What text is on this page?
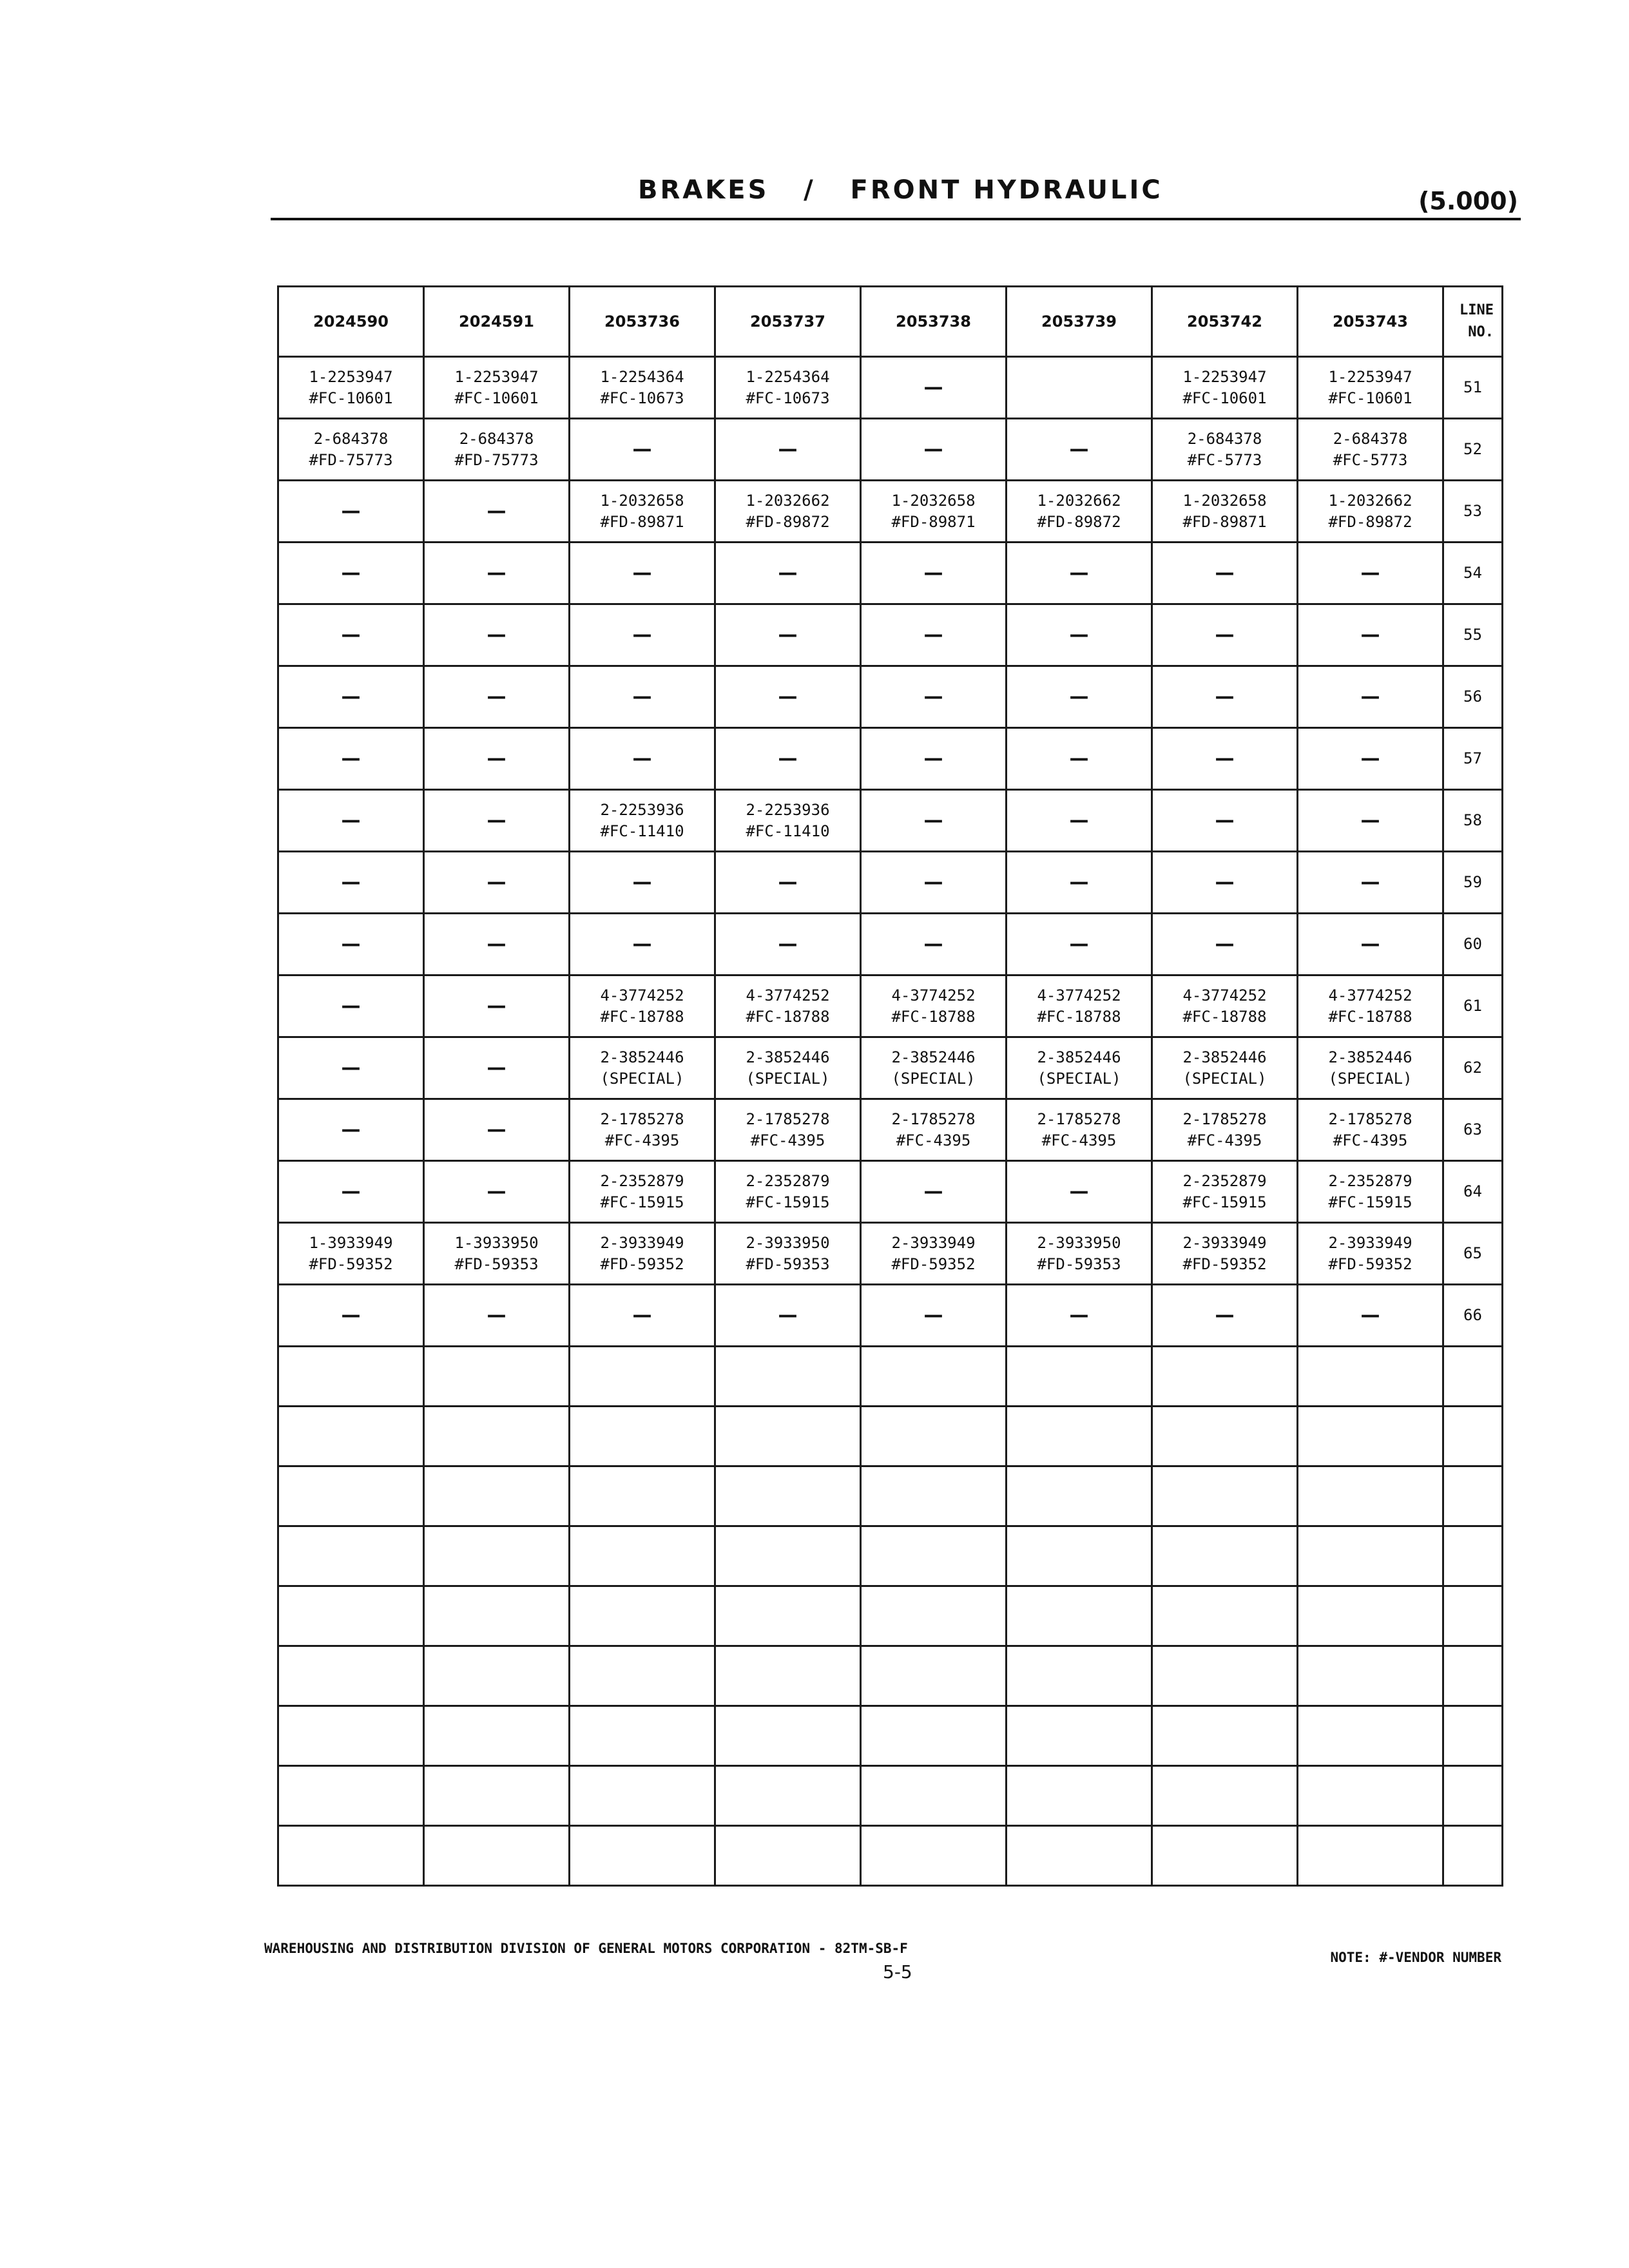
BRAKES   /   FRONT HYDRAULIC	(5.000)
2024590	2024591	2053736	2053737	2053738	2053739	2053742	2053743	LINE
NO.

1-2253947
#FC-10601	1-2253947
#FC-10601	1-2254364
#FC-10673	1-2254364
#FC-10673	—		1-2253947
#FC-10601	1-2253947
#FC-10601	51

2-684378
#FD-75773	2-684378
#FD-75773	—	—	—	—	2-684378
#FC-5773	2-684378
#FC-5773	52

—	—	1-2032658
#FD-89871	1-2032662
#FD-89872	1-2032658
#FD-89871	1-2032662
#FD-89872	1-2032658
#FD-89871	1-2032662
#FD-89872	53

—	—	—	—	—	—	—	—	54

—	—	—	—	—	—	—	—	55

—	—	—	—	—	—	—	—	56

—	—	—	—	—	—	—	—	57

—	—	2-2253936
#FC-11410	2-2253936
#FC-11410	—	—	—	—	58

—	—	—	—	—	—	—	—	59

—	—	—	—	—	—	—	—	60

—	—	4-3774252
#FC-18788	4-3774252
#FC-18788	4-3774252
#FC-18788	4-3774252
#FC-18788	4-3774252
#FC-18788	4-3774252
#FC-18788	61

—	—	2-3852446
(SPECIAL)	2-3852446
(SPECIAL)	2-3852446
(SPECIAL)	2-3852446
(SPECIAL)	2-3852446
(SPECIAL)	2-3852446
(SPECIAL)	62

—	—	2-1785278
#FC-4395	2-1785278
#FC-4395	2-1785278
#FC-4395	2-1785278
#FC-4395	2-1785278
#FC-4395	2-1785278
#FC-4395	63

—	—	2-2352879
#FC-15915	2-2352879
#FC-15915	—	—	2-2352879
#FC-15915	2-2352879
#FC-15915	64

1-3933949
#FD-59352	1-3933950
#FD-59353	2-3933949
#FD-59352	2-3933950
#FD-59353	2-3933949
#FD-59352	2-3933950
#FD-59353	2-3933949
#FD-59352	2-3933949
#FD-59352	65

—	—	—	—	—	—	—	—	66

WAREHOUSING AND DISTRIBUTION DIVISION OF GENERAL MOTORS CORPORATION - 82TM-SB-F
5-5
NOTE: #-VENDOR NUMBER
